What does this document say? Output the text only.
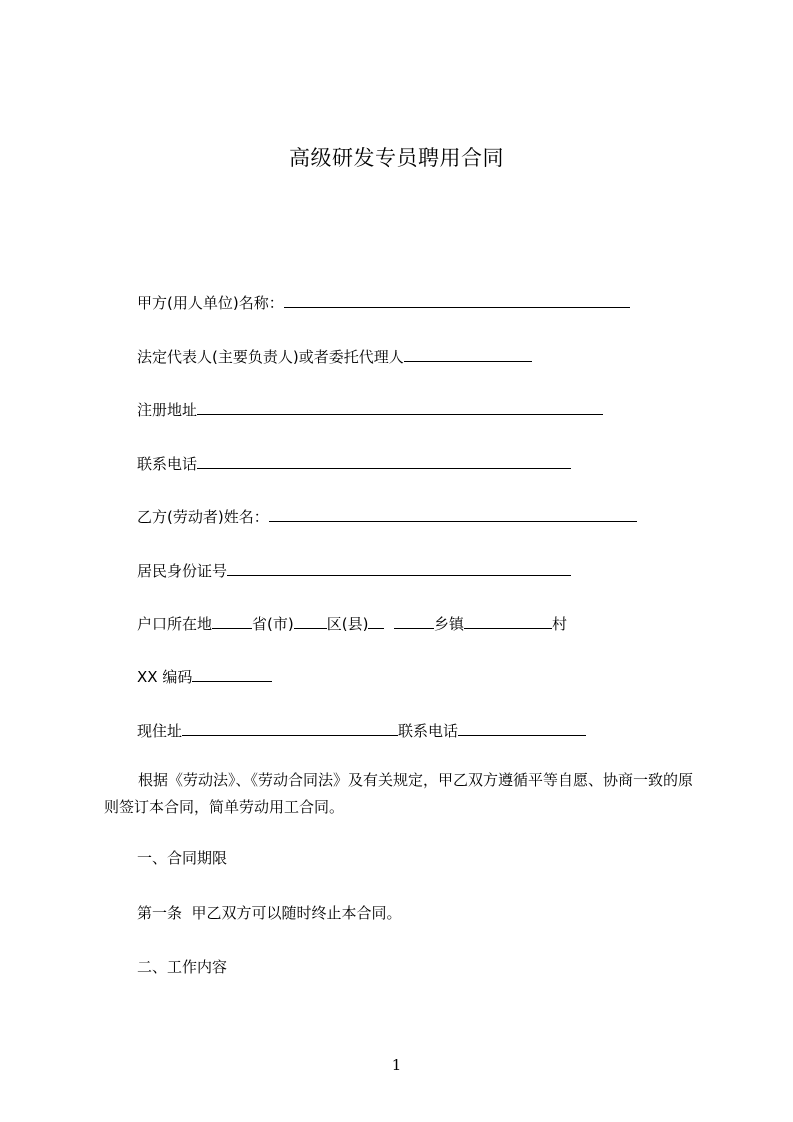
高级研发专员聘用合同
甲方(用人单位)名称：
法定代表人(主要负责人)或者委托代理人
注册地址
联系电话
乙方(劳动者)姓名：
居民身份证号
户口所在地	省(市) 区(县)	乡镇	村
XX 编码
现住址	联系电话
根据《劳动法》、《劳动合同法》及有关规定，甲乙双方遵循平等自愿、协商一致的原则签订本合同，简单劳动用工合同。
一、合同期限
第一条  甲乙双方可以随时终止本合同。
二、工作内容
1
